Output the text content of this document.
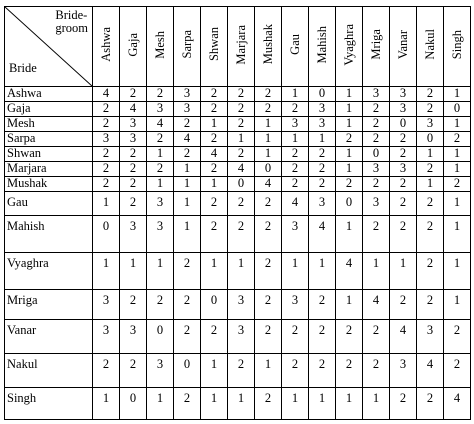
Bride-
groom
Bride	Ashwa	Gaja	Mesh	Sarpa	Shwan	Marjara	Mushak	Gau	Mahish	Vyaghra	Mriga	Vanar	Nakul	Singh
Ashwa	4	2	2	3	2	2	2	1	0	1	3	3	2	1
Gaja	2	4	3	3	2	2	2	2	3	1	2	3	2	0
Mesh	2	3	4	2	1	2	1	3	3	1	2	0	3	1
Sarpa	3	3	2	4	2	1	1	1	1	2	2	2	0	2
Shwan	2	2	1	2	4	2	1	2	2	1	0	2	1	1
Marjara	2	2	2	1	2	4	0	2	2	1	3	3	2	1
Mushak	2	2	1	1	1	0	4	2	2	2	2	2	1	2
Gau	1	2	3	1	2	2	2	4	3	0	3	2	2	1
Mahish	0	3	3	1	2	2	2	3	4	1	2	2	2	1
Vyaghra	1	1	1	2	1	1	2	1	1	4	1	1	2	1
Mriga	3	2	2	2	0	3	2	3	2	1	4	2	2	1
Vanar	3	3	0	2	2	3	2	2	2	2	2	4	3	2
Nakul	2	2	3	0	1	2	1	2	2	2	2	3	4	2
Singh	1	0	1	2	1	1	2	1	1	1	1	2	2	4
